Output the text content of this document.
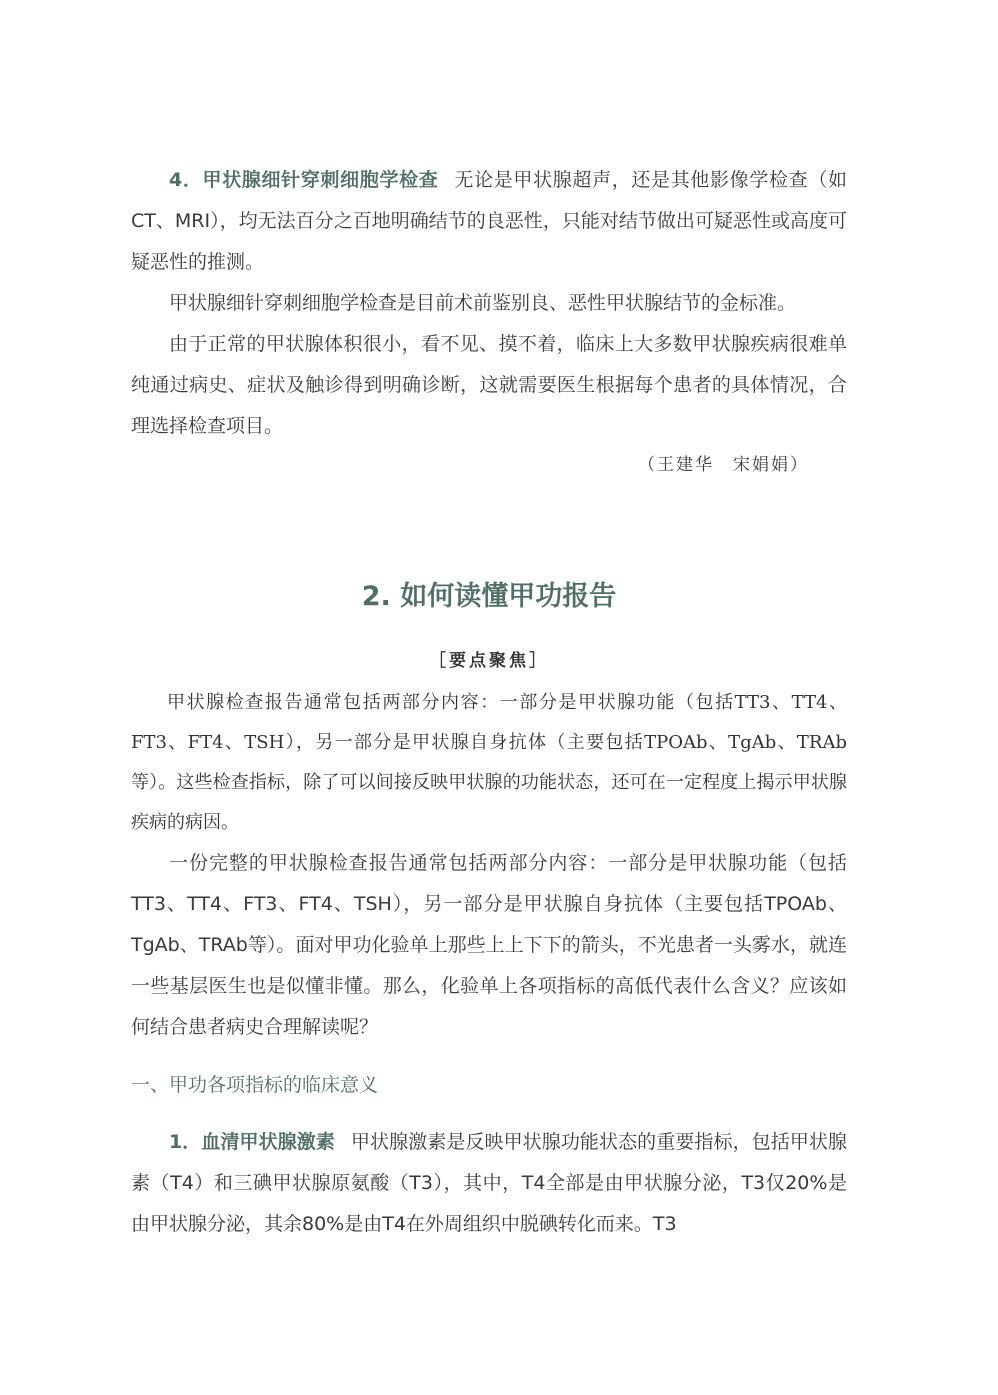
4．甲状腺细针穿刺细胞学检查 无论是甲状腺超声，还是其他影像学检查（如CT、MRI），均无法百分之百地明确结节的良恶性，只能对结节做出可疑恶性或高度可疑恶性的推测。

甲状腺细针穿刺细胞学检查是目前术前鉴别良、恶性甲状腺结节的金标准。

由于正常的甲状腺体积很小，看不见、摸不着，临床上大多数甲状腺疾病很难单纯通过病史、症状及触诊得到明确诊断，这就需要医生根据每个患者的具体情况，合理选择检查项目。

（王建华　宋娟娟）

2. 如何读懂甲功报告
［要点聚焦］

甲状腺检查报告通常包括两部分内容：一部分是甲状腺功能（包括TT3、TT4、FT3、FT4、TSH），另一部分是甲状腺自身抗体（主要包括TPOAb、TgAb、TRAb等）。这些检查指标，除了可以间接反映甲状腺的功能状态，还可在一定程度上揭示甲状腺疾病的病因。

一份完整的甲状腺检查报告通常包括两部分内容：一部分是甲状腺功能（包括TT3、TT4、FT3、FT4、TSH），另一部分是甲状腺自身抗体（主要包括TPOAb、TgAb、TRAb等）。面对甲功化验单上那些上上下下的箭头，不光患者一头雾水，就连一些基层医生也是似懂非懂。那么，化验单上各项指标的高低代表什么含义？应该如何结合患者病史合理解读呢？

一、甲功各项指标的临床意义

1．血清甲状腺激素 甲状腺激素是反映甲状腺功能状态的重要指标，包括甲状腺素（T4）和三碘甲状腺原氨酸（T3），其中，T4全部是由甲状腺分泌，T3仅20%是由甲状腺分泌，其余80%是由T4在外周组织中脱碘转化而来。T3
